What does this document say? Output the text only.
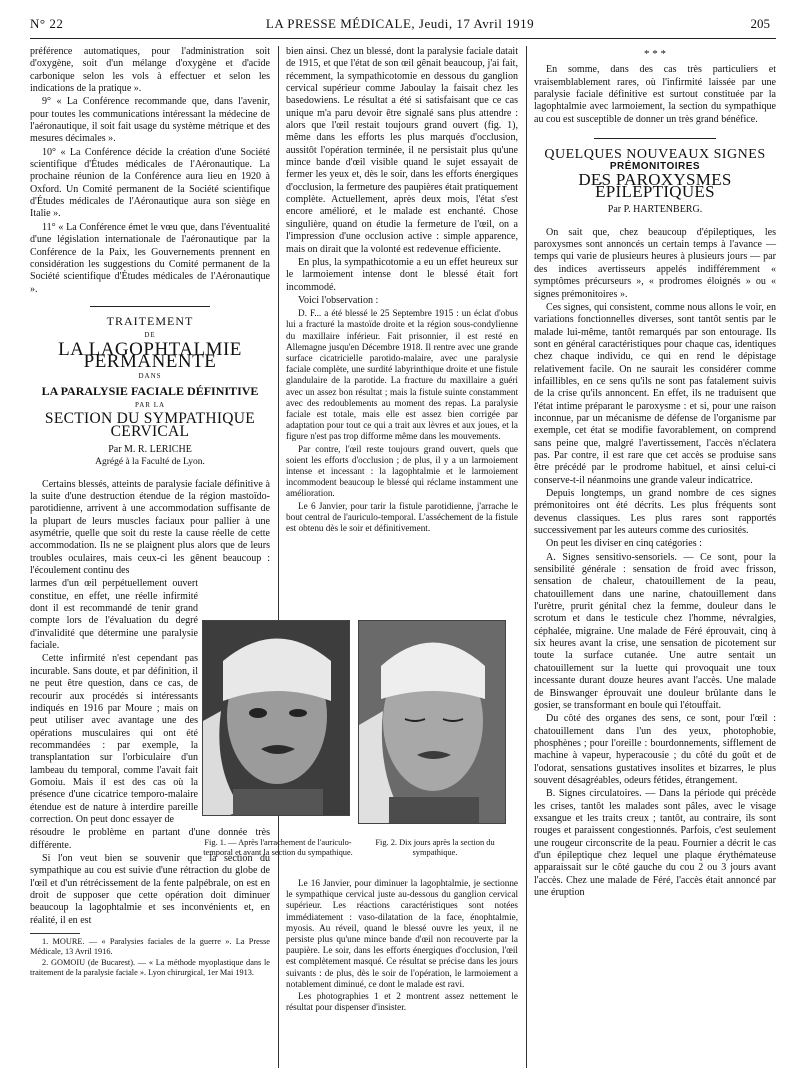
N° 22	LA PRESSE MÉDICALE, Jeudi, 17 Avril 1919	205

préférence automatiques, pour l'administration soit d'oxygène, soit d'un mélange d'oxygène et d'acide carbonique selon les vols à effectuer et selon les indications de la pratique ».

9° « La Conférence recommande que, dans l'avenir, pour toutes les communications intéressant la médecine de l'aéronautique, il soit fait usage du système métrique et des mesures décimales ».

10° « La Conférence décide la création d'une Société scientifique d'Études médicales de l'Aéronautique. La prochaine réunion de la Conférence aura lieu en 1920 à Oxford. Un Comité permanent de la Société scientifique d'Études médicales de l'Aéronautique aura son siège en Italie ».

11° « La Conférence émet le vœu que, dans l'éventualité d'une législation internationale de l'aéronautique par la Conférence de la Paix, les Gouvernements prennent en considération les suggestions du Comité permanent de la Société scientifique d'Études médicales de l'Aéronautique ».

TRAITEMENT
DE
LA LAGOPHTALMIE PERMANENTE
DANS
LA PARALYSIE FACIALE DÉFINITIVE
PAR LA
SECTION DU SYMPATHIQUE CERVICAL
Par M. R. LERICHE
Agrégé à la Faculté de Lyon.

Certains blessés, atteints de paralysie faciale définitive à la suite d'une destruction étendue de la région mastoïdo-parotidienne, arrivent à une accommodation suffisante de la plupart de leurs muscles faciaux pour pallier à une asymétrie, quelle que soit du reste la cause réelle de cette accommodation. Ils ne se plaignent plus alors que de leurs troubles oculaires, mais ceux-ci les gênent beaucoup : l'écoulement continu des

larmes d'un œil perpétuellement ouvert constitue, en effet, une réelle infirmité dont il est recommandé de tenir grand compte lors de l'évaluation du degré d'invalidité que détermine une paralysie faciale.

Cette infirmité n'est cependant pas incurable. Sans doute, et par définition, il ne peut être question, dans ce cas, de recourir aux procédés si intéressants indiqués en 1916 par Moure ; mais on peut utiliser avec avantage une des opérations musculaires qui ont été recommandées : par exemple, la transplantation sur l'orbiculaire d'un lambeau du temporal, comme l'avait fait Gomoiu. Mais il est des cas où la présence d'une cicatrice temporo-malaire étendue est de nature à interdire pareille correction. On peut donc essayer de

résoudre le problème en partant d'une donnée très différente.

Si l'on veut bien se souvenir que la section du sympathique au cou est suivie d'une rétraction du globe de l'œil et d'un rétrécissement de la fente palpébrale, on est en droit de supposer que cette opération doit diminuer beaucoup la lagophtalmie et ses inconvénients et, en réalité, il en est

1. MOURE. — « Paralysies faciales de la guerre ». La Presse Médicale, 13 Avril 1916.

2. GOMOIU (de Bucarest). — « La méthode myoplastique dans le traitement de la paralysie faciale ». Lyon chirurgical, 1er Mai 1913.

bien ainsi. Chez un blessé, dont la paralysie faciale datait de 1915, et que l'état de son œil gênait beaucoup, j'ai fait, récemment, la sympathicotomie en dessous du ganglion cervical supérieur comme Jaboulay la faisait chez les basedowiens. Le résultat a été si satisfaisant que ce cas unique m'a paru devoir être signalé sans plus attendre : alors que l'œil restait toujours grand ouvert (fig. 1), même dans les efforts les plus marqués d'occlusion, aussitôt l'opération terminée, il ne persistait plus qu'une mince bande d'œil visible quand le sujet essayait de fermer les yeux et, dès le soir, dans les efforts énergiques d'occlusion, la fermeture des paupières était pratiquement complète. Actuellement, après deux mois, l'état s'est encore amélioré, et le malade est enchanté. Chose singulière, quand on étudie la fermeture de l'œil, on a l'impression d'une occlusion active : simple apparence, mais on dirait que la volonté est redevenue efficiente.

En plus, la sympathicotomie a eu un effet heureux sur le larmoiement intense dont le blessé était fort incommodé.

Voici l'observation :

D. F... a été blessé le 25 Septembre 1915 : un éclat d'obus lui a fracturé la mastoïde droite et la région sous-condylienne du maxillaire inférieur. Fait prisonnier, il est resté en Allemagne jusqu'en Décembre 1918. Il rentre avec une grande surface cicatricielle parotido-malaire, avec une paralysie faciale complète, une surdité labyrinthique droite et une fistule glandulaire de la parotide. La fracture du maxillaire a guéri avec un assez bon résultat ; mais la fistule suinte constamment avec des redoublements au moment des repas. La paralysie faciale est totale, mais elle est assez bien corrigée par adaptation pour tout ce qui a trait aux lèvres et aux joues, et la figure n'est pas trop difforme même dans les mouvements.

Par contre, l'œil reste toujours grand ouvert, quels que soient les efforts d'occlusion ; de plus, il y a un larmoiement intense et incessant : la lagophtalmie et le larmoiement incommodent beaucoup le blessé qui réclame instamment une amélioration.

Le 6 Janvier, pour tarir la fistule parotidienne, j'arrache le bout central de l'auriculo-temporal. L'asséchement de la fistule est obtenu dès le soir et définitivement.

Fig. 1. — Après l'arrachement de l'auriculo-temporal et avant la section du sympathique.
Fig. 2. Dix jours après la section du sympathique.

Le 16 Janvier, pour diminuer la lagophtalmie, je sectionne le sympathique cervical juste au-dessous du ganglion cervical supérieur. Les réactions caractéristiques sont notées immédiatement : vaso-dilatation de la face, énophtalmie, myosis. Au réveil, quand le blessé ouvre les yeux, il ne persiste plus qu'une mince bande d'œil non recouverte par la paupière. Le soir, dans les efforts énergiques d'occlusion, l'œil est complètement masqué. Ce résultat se précise dans les jours suivants : de plus, dès le soir de l'opération, le larmoiement a notablement diminué, ce dont le malade est ravi.

Les photographies 1 et 2 montrent assez nettement le résultat pour dispenser d'insister.

* * *

En somme, dans des cas très particuliers et vraisemblablement rares, où l'infirmité laissée par une paralysie faciale définitive est surtout constituée par la lagophtalmie avec larmoiement, la section du sympathique au cou est susceptible de donner un très grand bénéfice.

QUELQUES NOUVEAUX SIGNES
PRÉMONITOIRES
DES PAROXYSMES ÉPILEPTIQUES
Par P. HARTENBERG.

On sait que, chez beaucoup d'épileptiques, les paroxysmes sont annoncés un certain temps à l'avance — temps qui varie de plusieurs heures à plusieurs jours — par des indices avertisseurs appelés indifféremment « symptômes précurseurs », « prodromes éloignés » ou « signes prémonitoires ».

Ces signes, qui consistent, comme nous allons le voir, en variations fonctionnelles diverses, sont tantôt sentis par le malade lui-même, tantôt remarqués par son entourage. Ils sont en général caractéristiques pour chaque cas, identiques chez chaque individu, ce qui en rend le dépistage relativement facile. On ne saurait les considérer comme infaillibles, en ce sens qu'ils ne sont pas fatalement suivis de la crise qu'ils annoncent. En effet, ils ne traduisent que l'état intime préparant le paroxysme : et si, pour une raison inconnue, par un mécanisme de défense de l'organisme par exemple, cet état se modifie favorablement, on comprend sans peine que, malgré l'avertissement, l'accès n'éclatera pas. Par contre, il est rare que cet accès se produise sans être précédé par le prodrome habituel, et ainsi celui-ci conserve-t-il néanmoins une grande valeur indicatrice.

Depuis longtemps, un grand nombre de ces signes prémonitoires ont été décrits. Les plus fréquents sont devenus classiques. Les plus rares sont rapportés successivement par les auteurs comme des curiosités.

On peut les diviser en cinq catégories :

A. Signes sensitivo-sensoriels. — Ce sont, pour la sensibilité générale : sensation de froid avec frisson, sensation de chaleur, chatouillement de la peau, chatouillement dans une narine, chatouillement dans l'urètre, prurit génital chez la femme, douleur dans le scrotum et dans le testicule chez l'homme, névralgies, céphalée, migraine. Une malade de Féré éprouvait, cinq à six heures avant la crise, une sensation de picotement sur toute la surface cutanée. Une autre sentait un chatouillement sur la luette qui provoquait une toux incessante durant douze heures avant l'accès. Une malade de Binswanger éprouvait une douleur brûlante dans le gosier, se transformant en boule qui l'étouffait.

Du côté des organes des sens, ce sont, pour l'œil : chatouillement dans l'un des yeux, photophobie, phosphènes ; pour l'oreille : bourdonnements, sifflement de machine à vapeur, hyperacousie ; du côté du goût et de l'odorat, sensations gustatives insolites et bizarres, le plus souvent désagréables, odeurs fétides, étrangement.

B. Signes circulatoires. — Dans la période qui précède les crises, tantôt les malades sont pâles, avec le visage exsangue et les traits creux ; tantôt, au contraire, ils sont rouges et paraissent congestionnés. Parfois, c'est seulement une rougeur circonscrite de la peau. Fournier a décrit le cas d'un épileptique chez lequel une plaque érythémateuse apparaissait sur le côté gauche du cou 2 ou 3 jours avant l'accès. Chez une malade de Féré, l'accès était annoncé par une éruption
